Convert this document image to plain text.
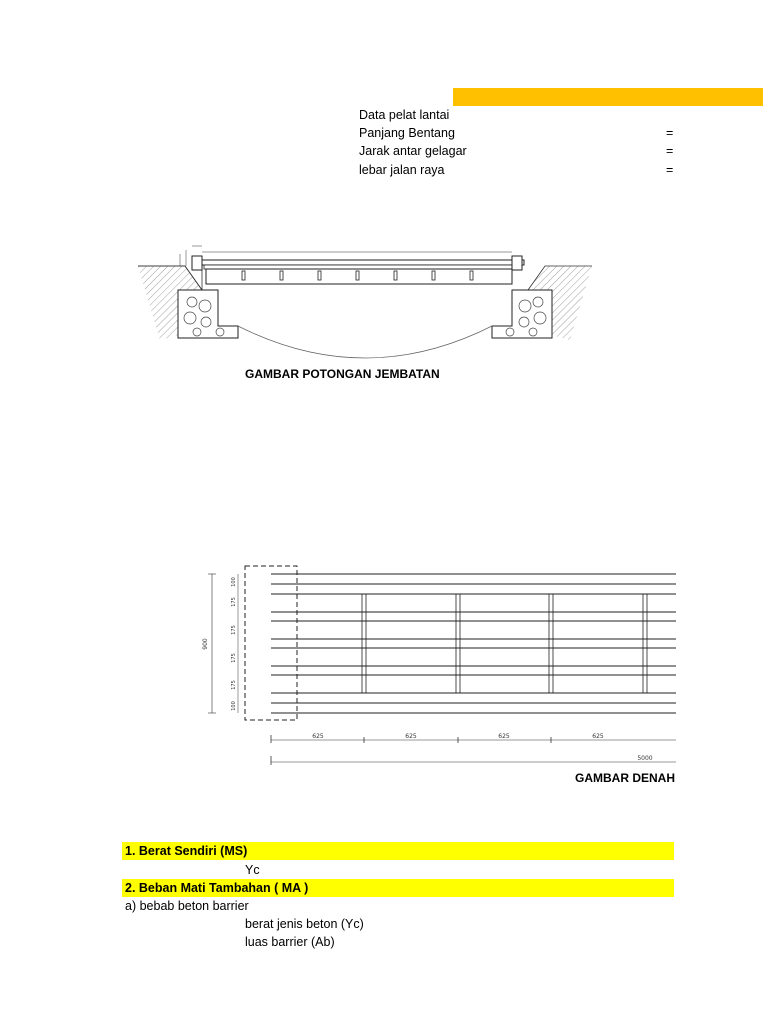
Data pelat lantai
Panjang Bentang	=
Jarak antar gelagar	=
lebar jalan raya	=
GAMBAR POTONGAN JEMBATAN
900
100
175
175
175
175
100
625	625	625	625
5000
GAMBAR DENAH
1. Berat Sendiri (MS)
Yc
2. Beban Mati Tambahan ( MA )
a) bebab beton barrier
berat jenis beton (Yc)
luas barrier (Ab)
